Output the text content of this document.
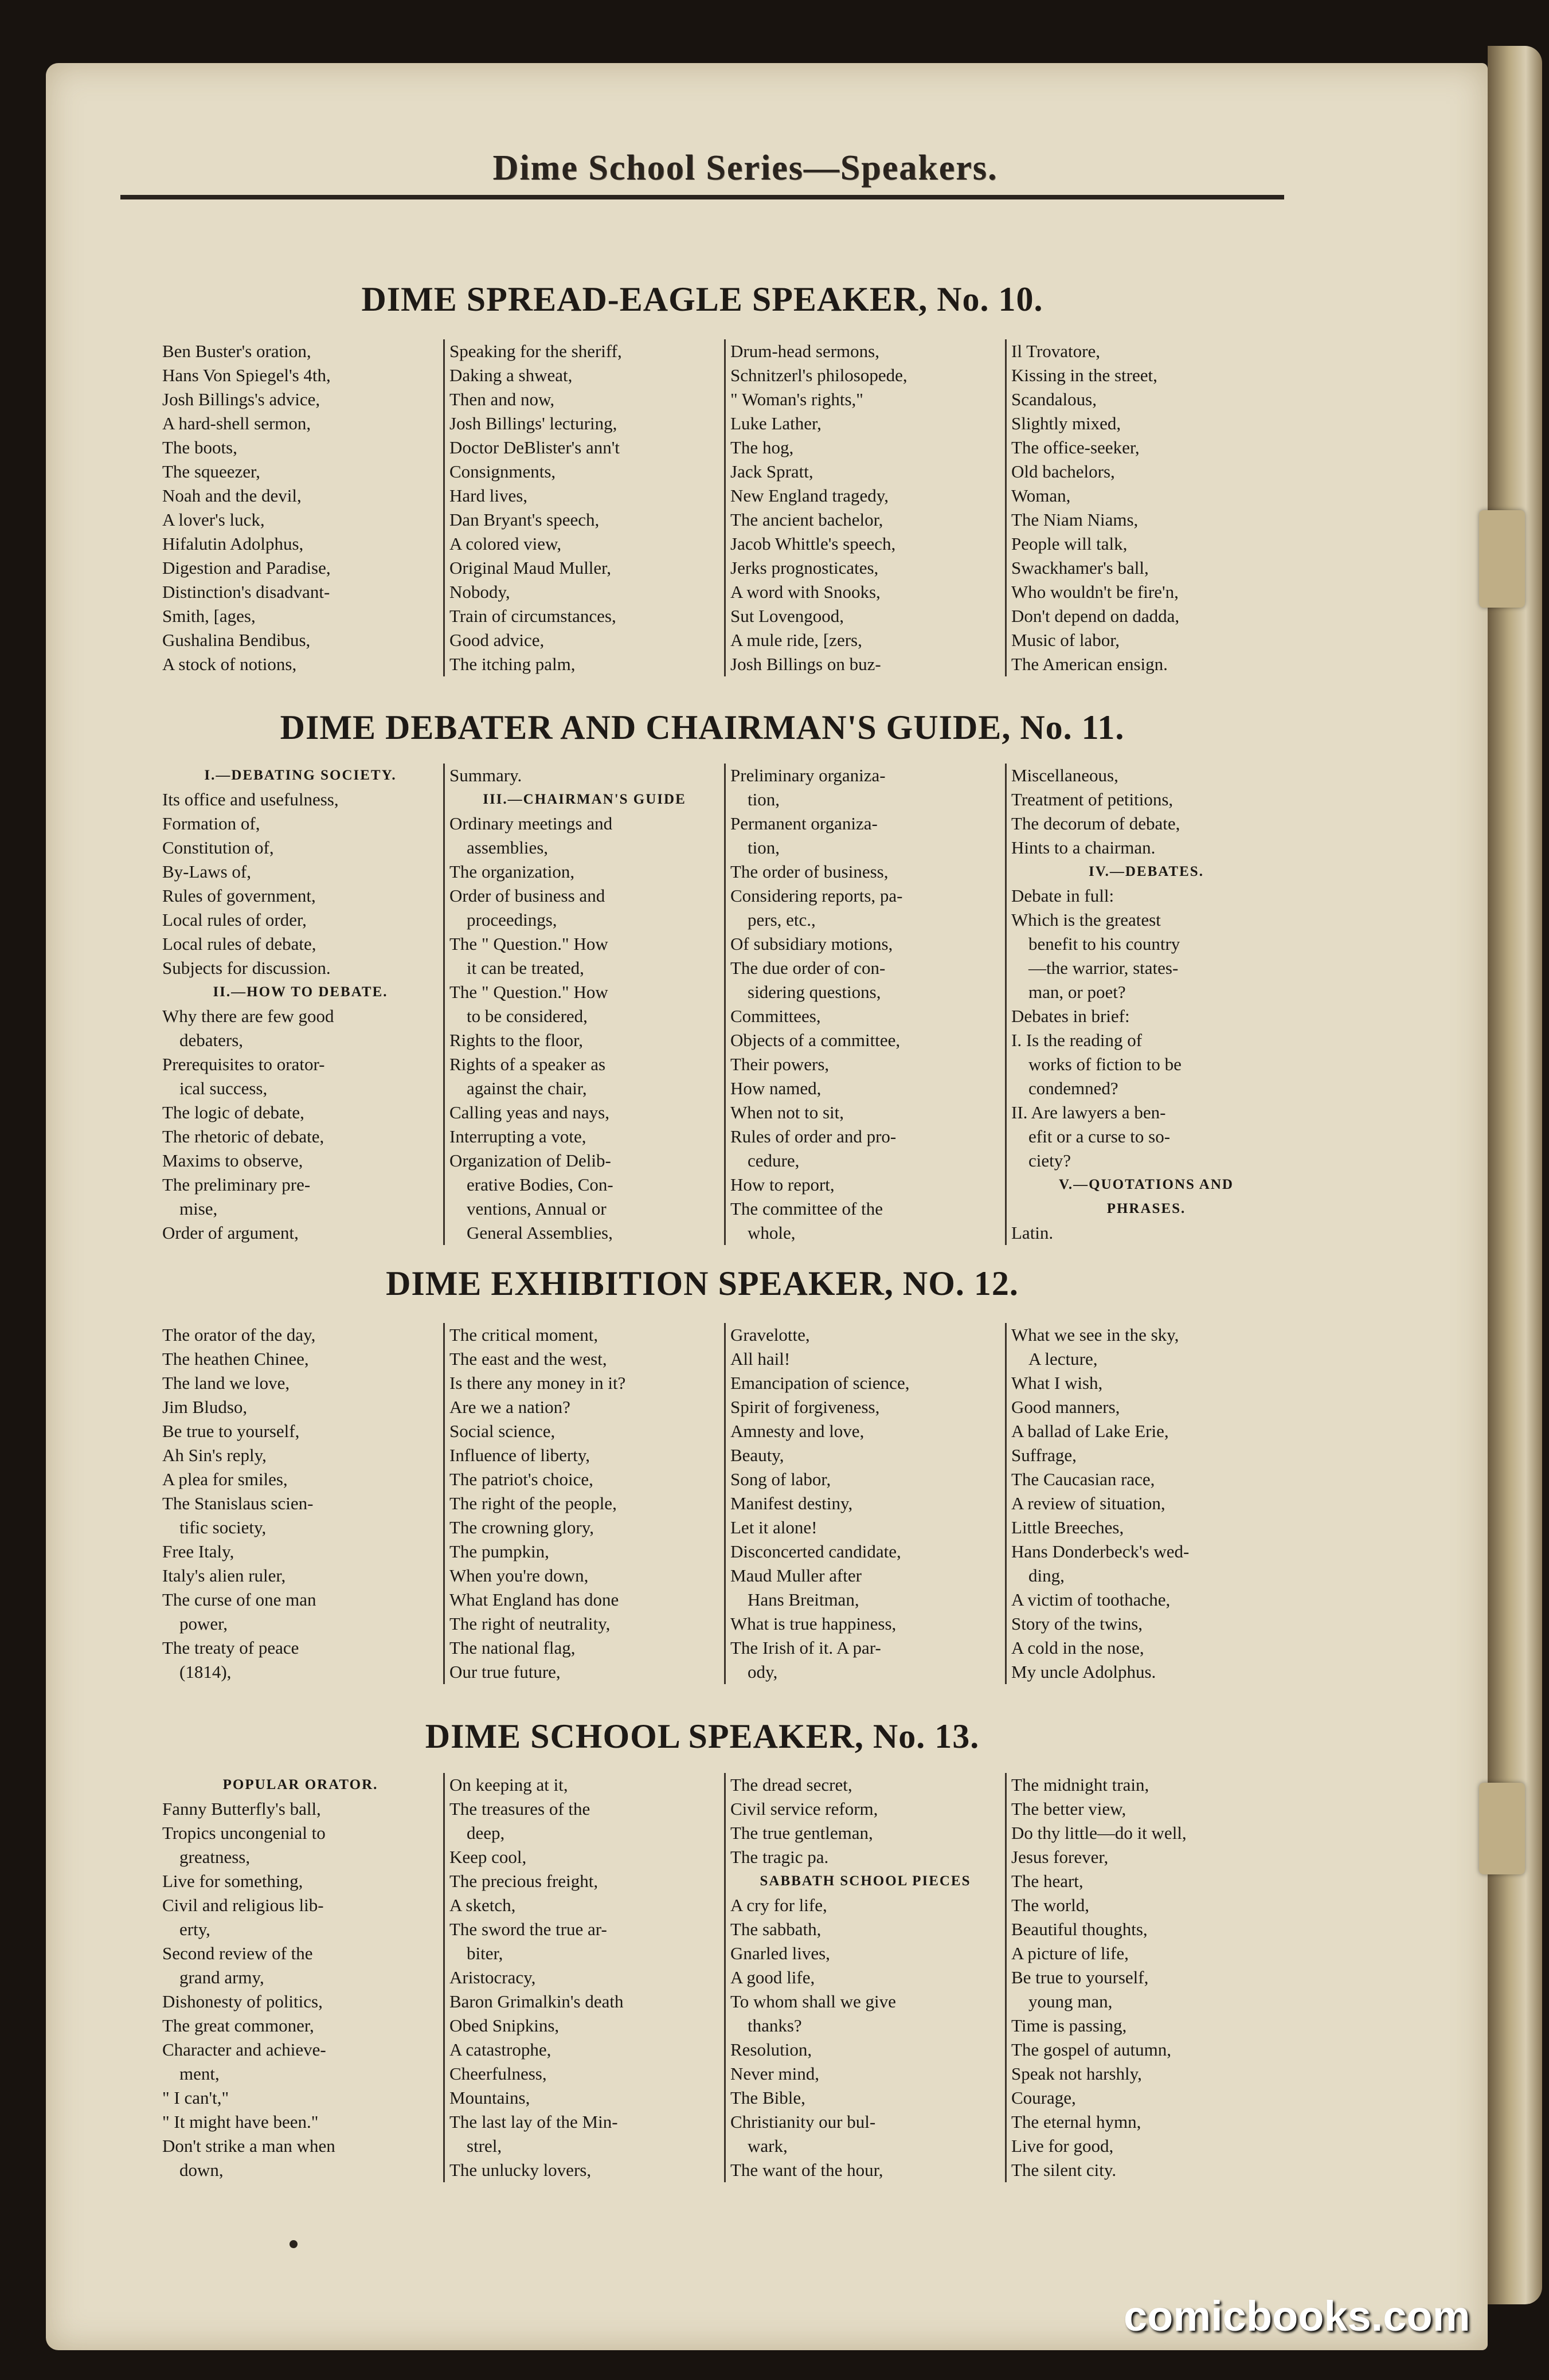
Dime School Series—Speakers.
DIME SPREAD-EAGLE SPEAKER, No. 10.
Ben Buster's oration,
Hans Von Spiegel's 4th,
Josh Billings's advice,
A hard-shell sermon,
The boots,
The squeezer,
Noah and the devil,
A lover's luck,
Hifalutin Adolphus,
Digestion and Paradise,
Distinction's disadvant-
Smith, [ages,
Gushalina Bendibus,
A stock of notions,
Speaking for the sheriff,
Daking a shweat,
Then and now,
Josh Billings' lecturing,
Doctor DeBlister's ann't
Consignments,
Hard lives,
Dan Bryant's speech,
A colored view,
Original Maud Muller,
Nobody,
Train of circumstances,
Good advice,
The itching palm,
Drum-head sermons,
Schnitzerl's philosopede,
" Woman's rights,"
Luke Lather,
The hog,
Jack Spratt,
New England tragedy,
The ancient bachelor,
Jacob Whittle's speech,
Jerks prognosticates,
A word with Snooks,
Sut Lovengood,
A mule ride, [zers,
Josh Billings on buz-
Il Trovatore,
Kissing in the street,
Scandalous,
Slightly mixed,
The office-seeker,
Old bachelors,
Woman,
The Niam Niams,
People will talk,
Swackhamer's ball,
Who wouldn't be fire'n,
Don't depend on dadda,
Music of labor,
The American ensign.
DIME DEBATER AND CHAIRMAN'S GUIDE, No. 11.
I.—DEBATING SOCIETY.
Its office and usefulness,
Formation of,
Constitution of,
By-Laws of,
Rules of government,
Local rules of order,
Local rules of debate,
Subjects for discussion.
II.—HOW TO DEBATE.
Why there are few good
debaters,
Prerequisites to orator-
ical success,
The logic of debate,
The rhetoric of debate,
Maxims to observe,
The preliminary pre-
mise,
Order of argument,
Summary.
III.—CHAIRMAN'S GUIDE
Ordinary meetings and
assemblies,
The organization,
Order of business and
proceedings,
The " Question." How
it can be treated,
The " Question." How
to be considered,
Rights to the floor,
Rights of a speaker as
against the chair,
Calling yeas and nays,
Interrupting a vote,
Organization of Delib-
erative Bodies, Con-
ventions, Annual or
General Assemblies,
Preliminary organiza-
tion,
Permanent organiza-
tion,
The order of business,
Considering reports, pa-
pers, etc.,
Of subsidiary motions,
The due order of con-
sidering questions,
Committees,
Objects of a committee,
Their powers,
How named,
When not to sit,
Rules of order and pro-
cedure,
How to report,
The committee of the
whole,
Miscellaneous,
Treatment of petitions,
The decorum of debate,
Hints to a chairman.
IV.—DEBATES.
Debate in full:
Which is the greatest
benefit to his country
—the warrior, states-
man, or poet?
Debates in brief:
I. Is the reading of
works of fiction to be
condemned?
II. Are lawyers a ben-
efit or a curse to so-
ciety?
V.—QUOTATIONS AND
PHRASES.
Latin.
DIME EXHIBITION SPEAKER, NO. 12.
The orator of the day,
The heathen Chinee,
The land we love,
Jim Bludso,
Be true to yourself,
Ah Sin's reply,
A plea for smiles,
The Stanislaus scien-
tific society,
Free Italy,
Italy's alien ruler,
The curse of one man
power,
The treaty of peace
(1814),
The critical moment,
The east and the west,
Is there any money in it?
Are we a nation?
Social science,
Influence of liberty,
The patriot's choice,
The right of the people,
The crowning glory,
The pumpkin,
When you're down,
What England has done
The right of neutrality,
The national flag,
Our true future,
Gravelotte,
All hail!
Emancipation of science,
Spirit of forgiveness,
Amnesty and love,
Beauty,
Song of labor,
Manifest destiny,
Let it alone!
Disconcerted candidate,
Maud Muller after
Hans Breitman,
What is true happiness,
The Irish of it. A par-
ody,
What we see in the sky,
A lecture,
What I wish,
Good manners,
A ballad of Lake Erie,
Suffrage,
The Caucasian race,
A review of situation,
Little Breeches,
Hans Donderbeck's wed-
ding,
A victim of toothache,
Story of the twins,
A cold in the nose,
My uncle Adolphus.
DIME SCHOOL SPEAKER, No. 13.
POPULAR ORATOR.
Fanny Butterfly's ball,
Tropics uncongenial to
greatness,
Live for something,
Civil and religious lib-
erty,
Second review of the
grand army,
Dishonesty of politics,
The great commoner,
Character and achieve-
ment,
" I can't,"
" It might have been."
Don't strike a man when
down,
On keeping at it,
The treasures of the
deep,
Keep cool,
The precious freight,
A sketch,
The sword the true ar-
biter,
Aristocracy,
Baron Grimalkin's death
Obed Snipkins,
A catastrophe,
Cheerfulness,
Mountains,
The last lay of the Min-
strel,
The unlucky lovers,
The dread secret,
Civil service reform,
The true gentleman,
The tragic pa.
SABBATH SCHOOL PIECES
A cry for life,
The sabbath,
Gnarled lives,
A good life,
To whom shall we give
thanks?
Resolution,
Never mind,
The Bible,
Christianity our bul-
wark,
The want of the hour,
The midnight train,
The better view,
Do thy little—do it well,
Jesus forever,
The heart,
The world,
Beautiful thoughts,
A picture of life,
Be true to yourself,
young man,
Time is passing,
The gospel of autumn,
Speak not harshly,
Courage,
The eternal hymn,
Live for good,
The silent city.
comicbooks.com
